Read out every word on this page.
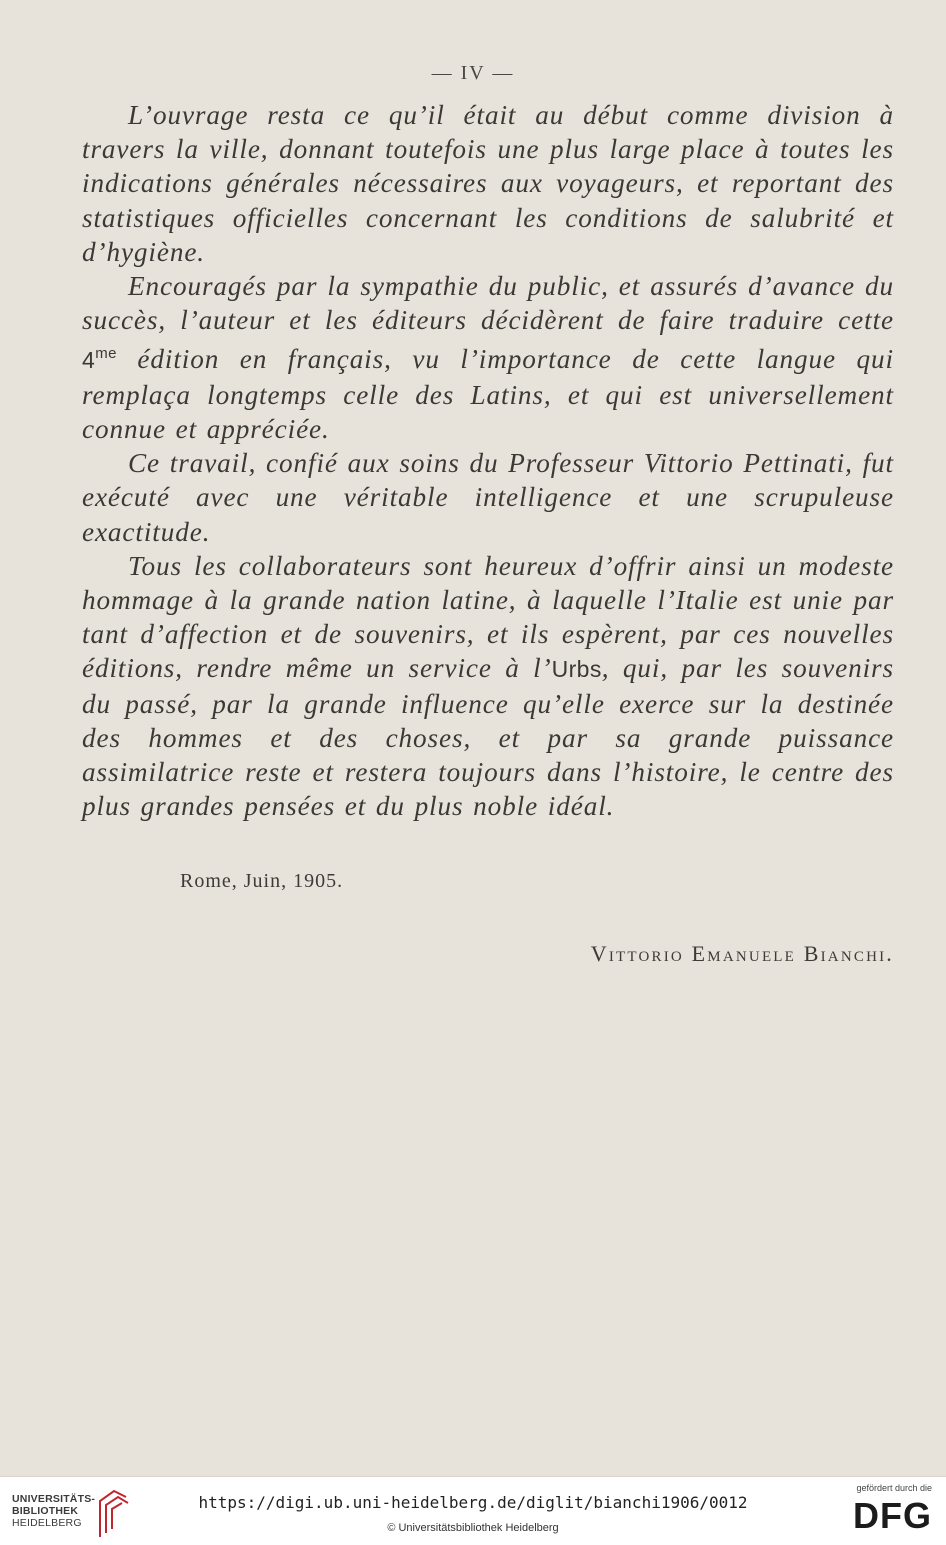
— IV —

L’ouvrage resta ce qu’il était au début comme division à travers la ville, donnant toutefois une plus large place à toutes les indications générales nécessaires aux voyageurs, et reportant des statistiques officielles concernant les conditions de salubrité et d’hygiène.

Encouragés par la sympathie du public, et assurés d’avance du succès, l’auteur et les éditeurs décidèrent de faire traduire cette $4^{me}$ édition en français, vu l’importance de cette langue qui remplaça longtemps celle des Latins, et qui est universellement connue et appréciée.

Ce travail, confié aux soins du Professeur Vittorio Pettinati, fut exécuté avec une véritable intelligence et une scrupuleuse exactitude.

Tous les collaborateurs sont heureux d’offrir ainsi un modeste hommage à la grande nation latine, à laquelle l’Italie est unie par tant d’affection et de souvenirs, et ils espèrent, par ces nouvelles éditions, rendre même un service à l’Urbs, qui, par les souvenirs du passé, par la grande influence qu’elle exerce sur la destinée des hommes et des choses, et par sa grande puissance assimilatrice reste et restera toujours dans l’histoire, le centre des plus grandes pensées et du plus noble idéal.

Rome, Juin, 1905.
Vittorio Emanuele Bianchi.
UNIVERSITÄTS-
BIBLIOTHEK
HEIDELBERG
https://digi.ub.uni-heidelberg.de/diglit/bianchi1906/0012
© Universitätsbibliothek Heidelberg
gefördert durch die
DFG
